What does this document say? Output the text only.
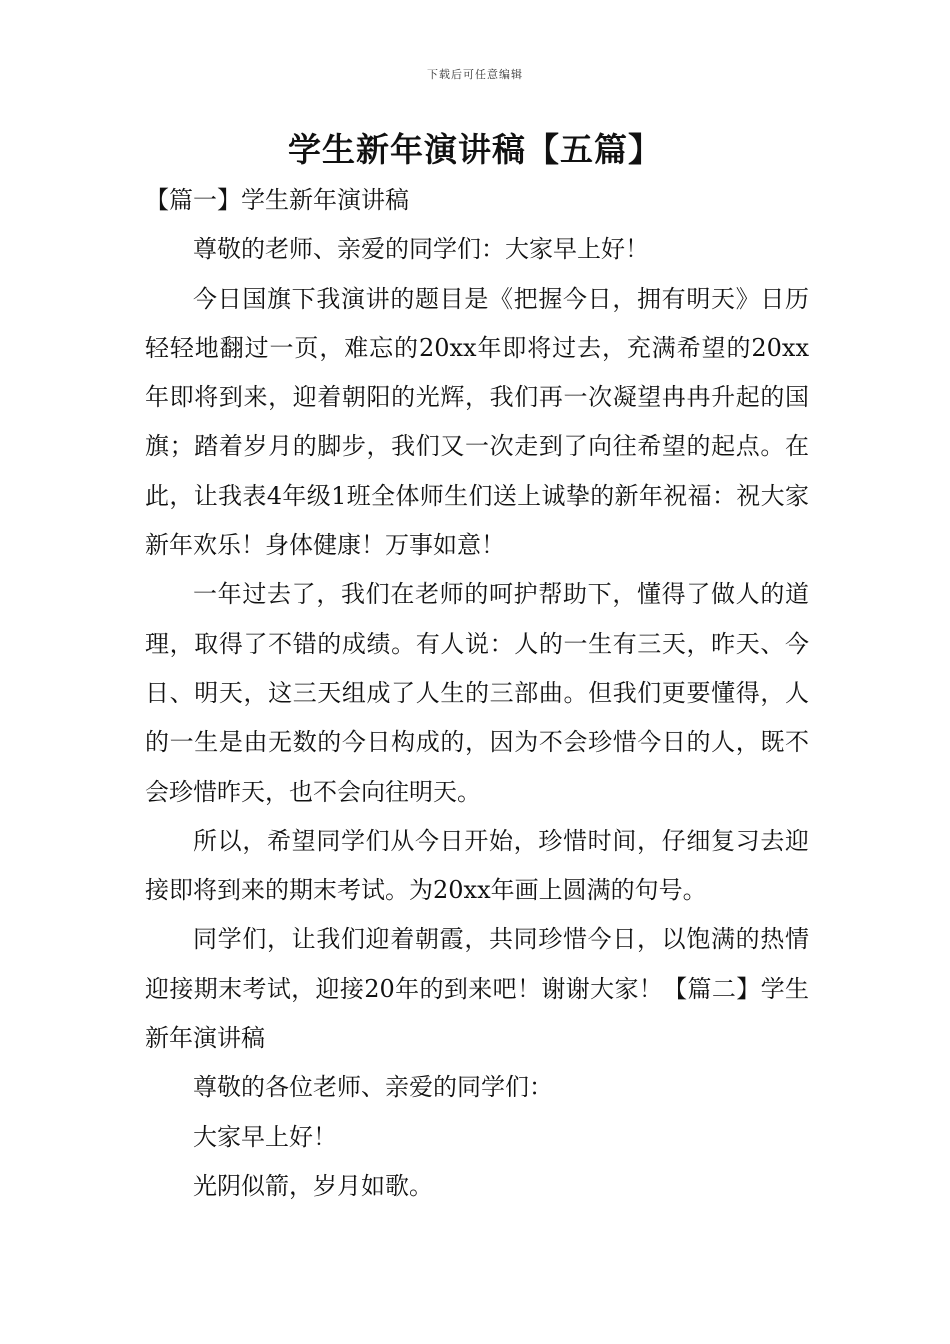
下载后可任意编辑
学生新年演讲稿【五篇】

【篇一】学生新年演讲稿

尊敬的老师、亲爱的同学们：大家早上好！

今日国旗下我演讲的题目是《把握今日，拥有明天》日历轻轻地翻过一页，难忘的20xx年即将过去，充满希望的20xx年即将到来，迎着朝阳的光辉，我们再一次凝望冉冉升起的国旗；踏着岁月的脚步，我们又一次走到了向往希望的起点。在此，让我表4年级1班全体师生们送上诚挚的新年祝福：祝大家新年欢乐！身体健康！万事如意！

一年过去了，我们在老师的呵护帮助下，懂得了做人的道理，取得了不错的成绩。有人说：人的一生有三天，昨天、今日、明天，这三天组成了人生的三部曲。但我们更要懂得，人的一生是由无数的今日构成的，因为不会珍惜今日的人，既不会珍惜昨天，也不会向往明天。

所以，希望同学们从今日开始，珍惜时间，仔细复习去迎接即将到来的期末考试。为20xx年画上圆满的句号。

同学们，让我们迎着朝霞，共同珍惜今日，以饱满的热情迎接期末考试，迎接20年的到来吧！谢谢大家！【篇二】学生新年演讲稿

尊敬的各位老师、亲爱的同学们：

大家早上好！

光阴似箭，岁月如歌。
